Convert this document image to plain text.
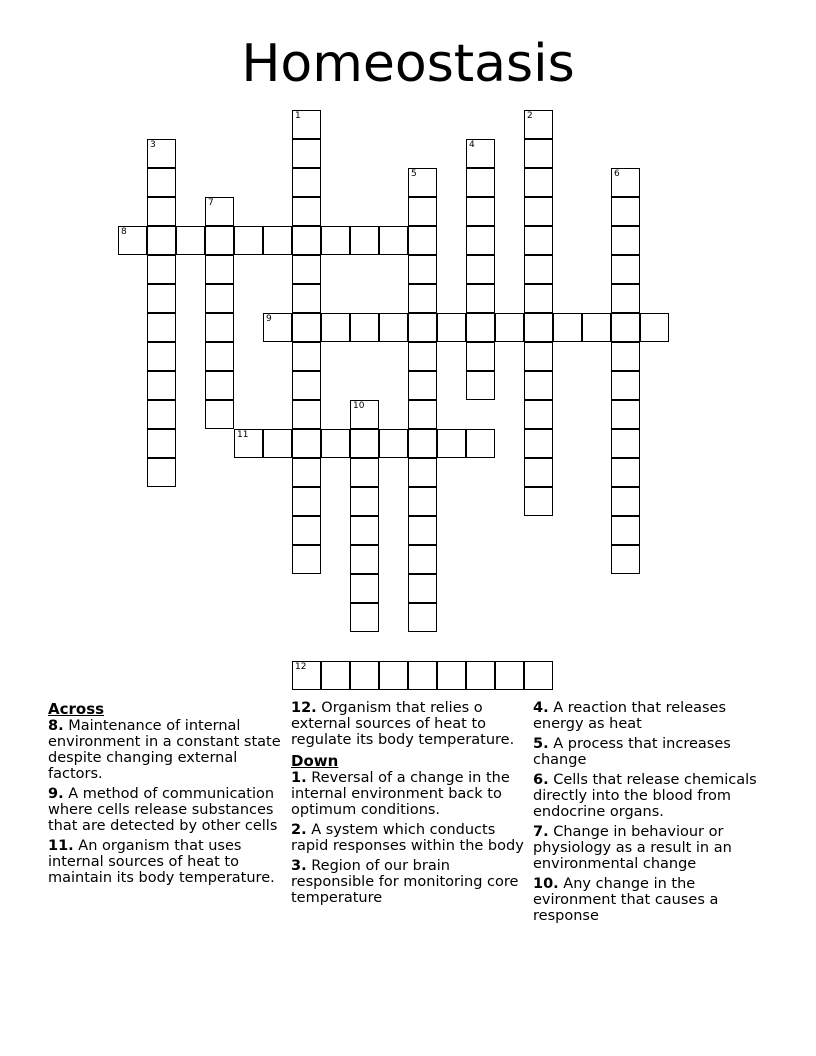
Homeostasis
1	2
3	4
5	6
7
8
9
10
11
12
Across
8. Maintenance of internal environment in a constant state despite changing external factors.
9. A method of communication where cells release substances that are detected by other cells
11. An organism that uses internal sources of heat to maintain its body temperature.
12. Organism that relies o external sources of heat to regulate its body temperature.
Down
1. Reversal of a change in the internal environment back to optimum conditions.
2. A system which conducts rapid responses within the body
3. Region of our brain responsible for monitoring core temperature
4. A reaction that releases energy as heat
5. A process that increases change
6. Cells that release chemicals directly into the blood from endocrine organs.
7. Change in behaviour or physiology as a result in an environmental change
10. Any change in the evironment that causes a response
